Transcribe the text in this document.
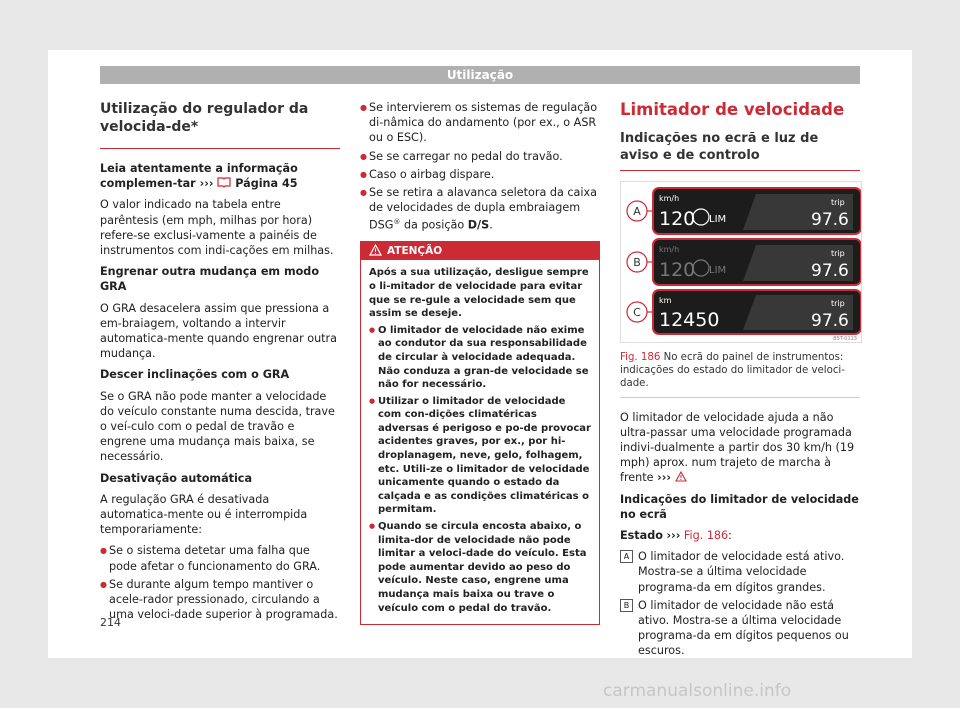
Utilização
Utilização do regulador da velocida-de*

Leia atentamente a informação complemen-tar ››› Página 45

O valor indicado na tabela entre parêntesis (em mph, milhas por hora) refere-se exclusi-vamente a painéis de instrumentos com indi-cações em milhas.

Engrenar outra mudança em modo GRA

O GRA desacelera assim que pressiona a em-braiagem, voltando a intervir automatica-mente quando engrenar outra mudança.

Descer inclinações com o GRA

Se o GRA não pode manter a velocidade do veículo constante numa descida, trave o veí-culo com o pedal de travão e engrene uma mudança mais baixa, se necessário.

Desativação automática

A regulação GRA é desativada automatica-mente ou é interrompida temporariamente:

● Se o sistema detetar uma falha que pode afetar o funcionamento do GRA.

● Se durante algum tempo mantiver o acele-rador pressionado, circulando a uma veloci-dade superior à programada.

● Se intervierem os sistemas de regulação di-nâmica do andamento (por ex., o ASR ou o ESC).

● Se se carregar no pedal do travão.

● Caso o airbag dispare.

● Se se retira a alavanca seletora da caixa de velocidades de dupla embraiagem DSG® da posição D/S.

ATENÇÃO

Após a sua utilização, desligue sempre o li-mitador de velocidade para evitar que se re-gule a velocidade sem que assim se deseje.

● O limitador de velocidade não exime ao condutor da sua responsabilidade de circular à velocidade adequada. Não conduza a gran-de velocidade se não for necessário.

● Utilizar o limitador de velocidade com con-dições climatéricas adversas é perigoso e po-de provocar acidentes graves, por ex., por hi-droplanagem, neve, gelo, folhagem, etc. Utili-ze o limitador de velocidade unicamente quando o estado da calçada e as condições climatéricas o permitam.

● Quando se circula encosta abaixo, o limita-dor de velocidade não pode limitar a veloci-dade do veículo. Esta pode aumentar devido ao peso do veículo. Neste caso, engrene uma mudança mais baixa ou trave o veículo com o pedal do travão.

Limitador de velocidade
Indicações no ecrã e luz de aviso e de controlo
A
km/h
120 LIM
trip
97.6
B
km/h
120 LIM
trip
97.6
C
km
12450
trip
97.6
B5T-0113
Fig. 186 No ecrã do painel de instrumentos: indicações do estado do limitador de veloci-dade.

O limitador de velocidade ajuda a não ultra-passar uma velocidade programada indivi-dualmente a partir dos 30 km/h (19 mph) aprox. num trajeto de marcha à frente ›››

Indicações do limitador de velocidade no ecrã

Estado ››› Fig. 186:

A O limitador de velocidade está ativo. Mostra-se a última velocidade programa-da em dígitos grandes.
B O limitador de velocidade não está ativo. Mostra-se a última velocidade programa-da em dígitos pequenos ou escuros.
214
carmanualsonline.info
